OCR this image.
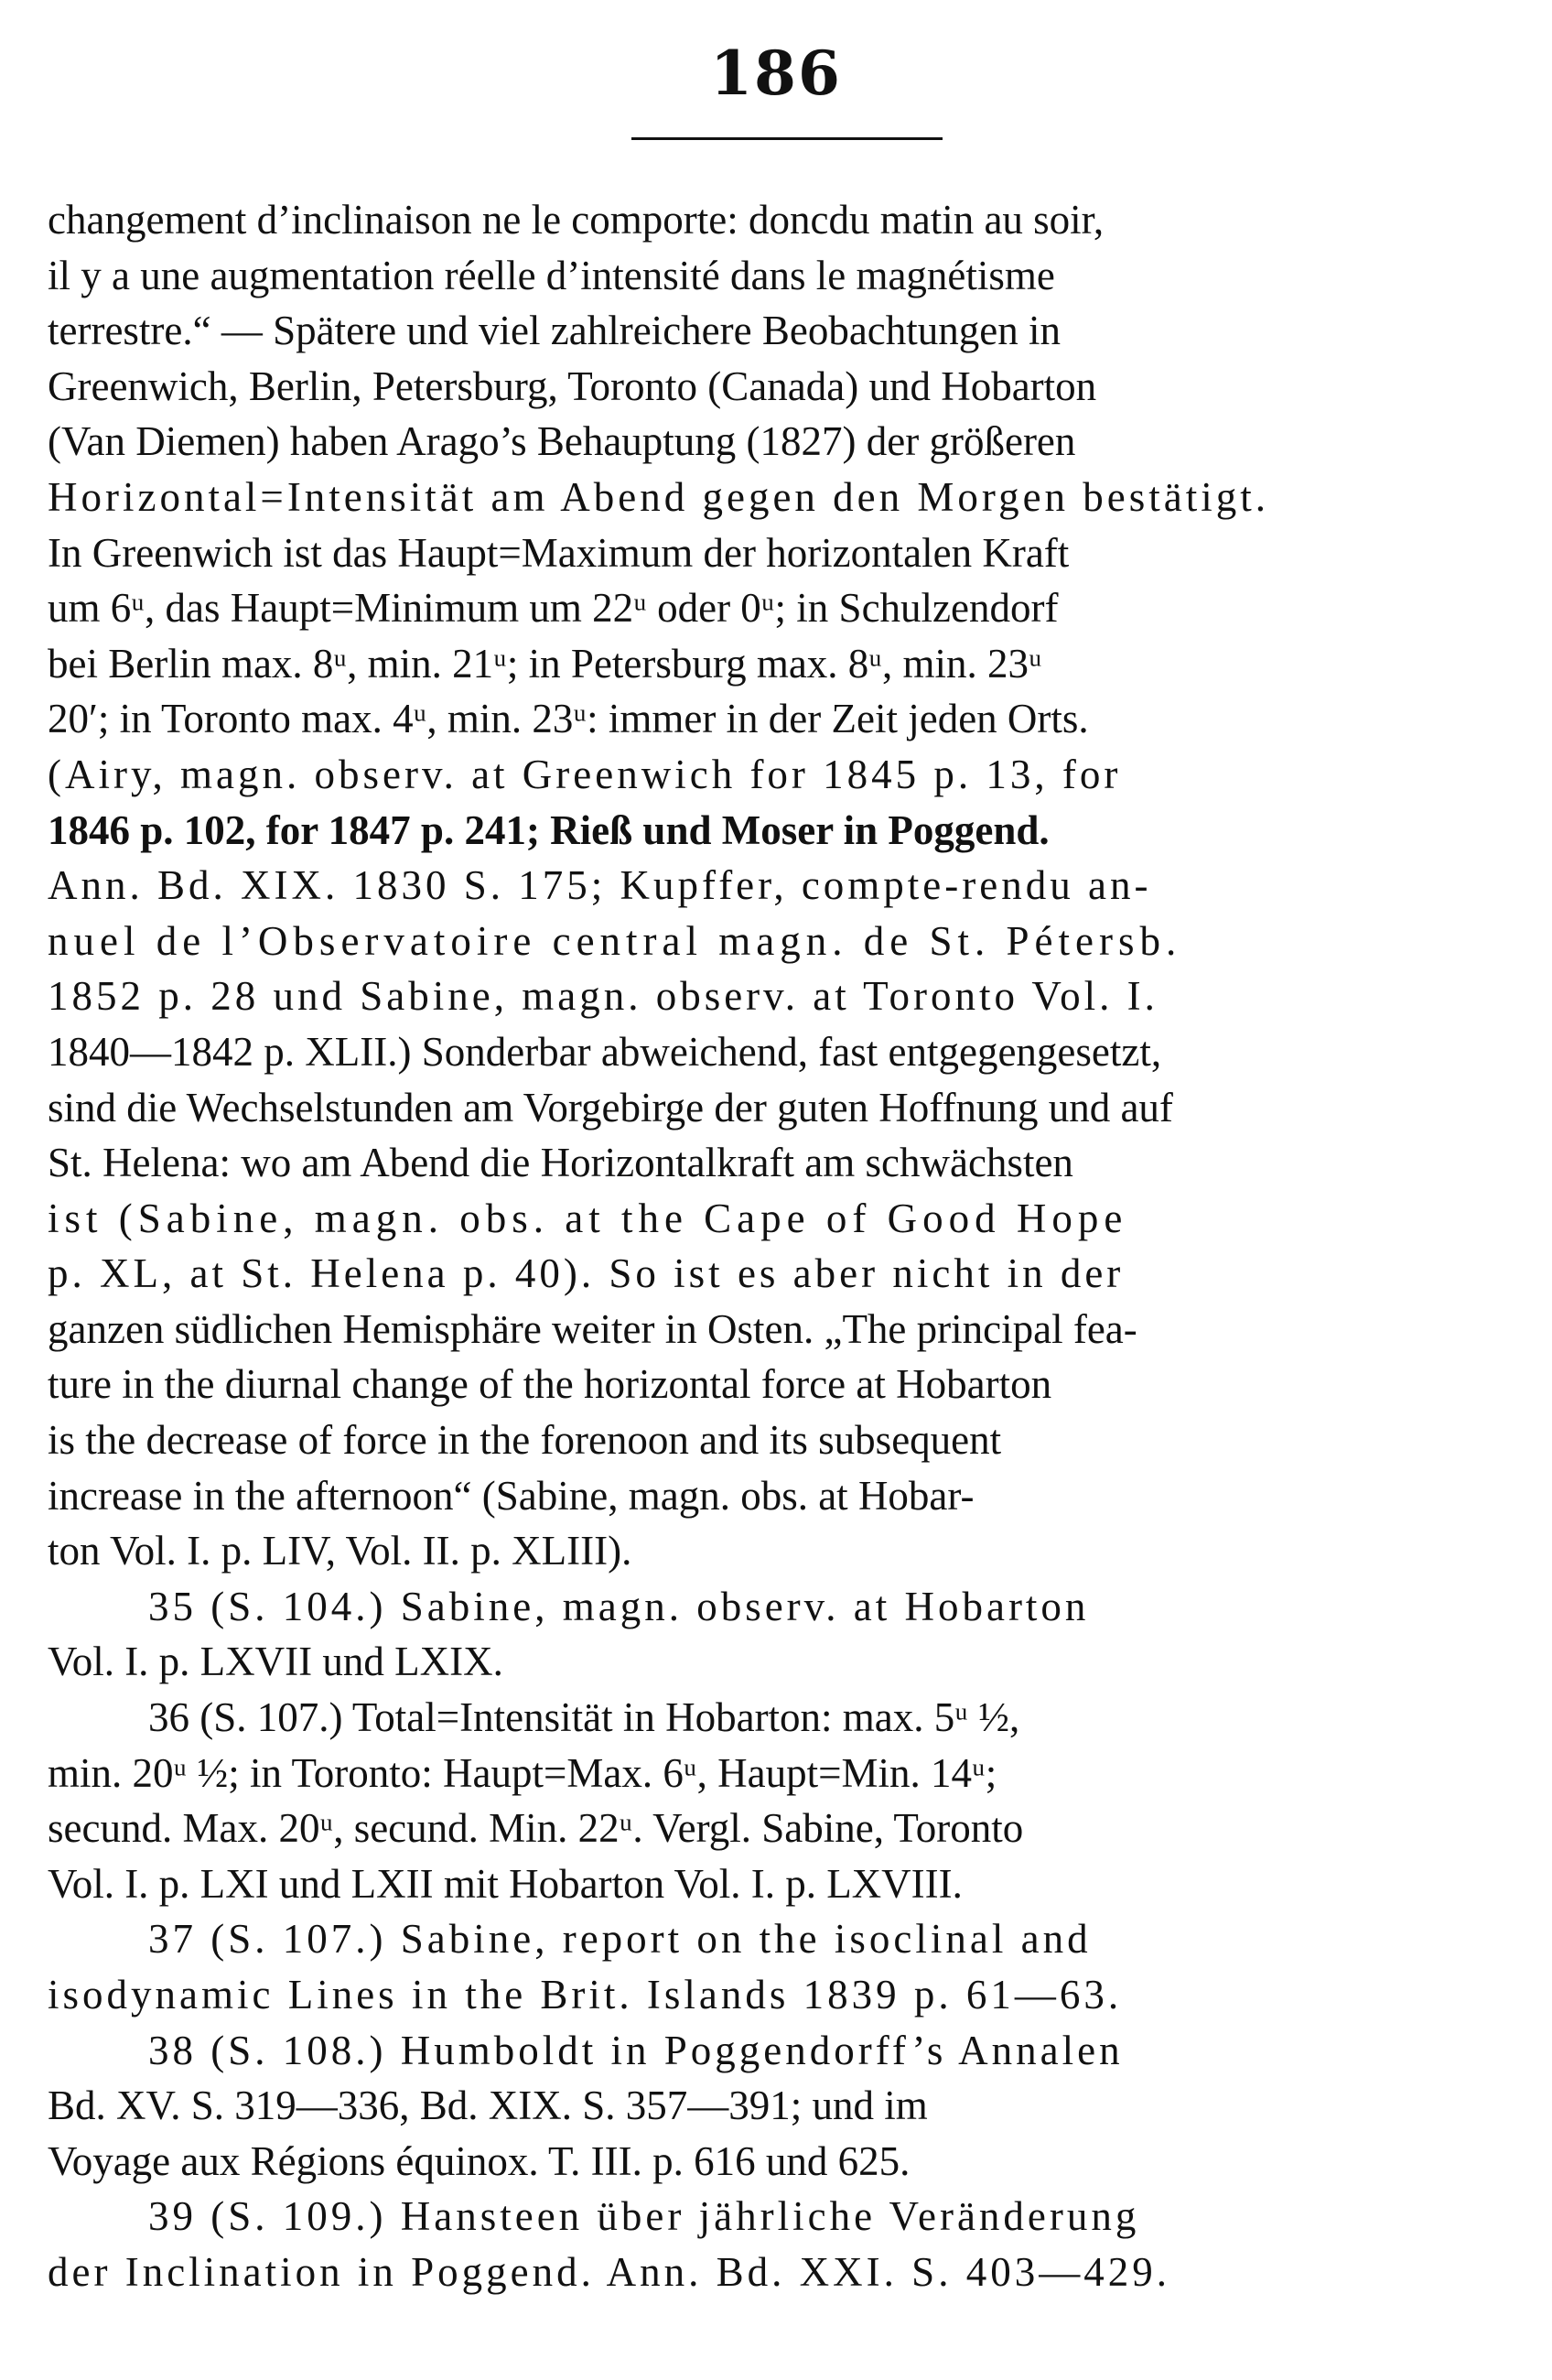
186
changement d’inclinaison ne le comporte: doncdu matin au soir,
il y a une augmentation réelle d’intensité dans le magnétisme
terrestre.“ — Spätere und viel zahlreichere Beobachtungen in
Greenwich, Berlin, Petersburg, Toronto (Canada) und Hobarton
(Van Diemen) haben Arago’s Behauptung (1827) der größeren
Horizontal=Intensität am Abend gegen den Morgen bestätigt.
In Greenwich ist das Haupt=Maximum der horizontalen Kraft
um 6ᵘ, das Haupt=Minimum um 22ᵘ oder 0ᵘ; in Schulzendorf
bei Berlin max. 8ᵘ, min. 21ᵘ; in Petersburg max. 8ᵘ, min. 23ᵘ
20′; in Toronto max. 4ᵘ, min. 23ᵘ: immer in der Zeit jeden Orts.
(Airy, magn. observ. at Greenwich for 1845 p. 13, for
1846 p. 102, for 1847 p. 241; Rieß und Moser in Poggend.
Ann. Bd. XIX. 1830 S. 175; Kupffer, compte-rendu an-
nuel de l’Observatoire central magn. de St. Pétersb.
1852 p. 28 und Sabine, magn. observ. at Toronto Vol. I.
1840—1842 p. XLII.) Sonderbar abweichend, fast entgegengesetzt,
sind die Wechselstunden am Vorgebirge der guten Hoffnung und auf
St. Helena: wo am Abend die Horizontalkraft am schwächsten
ist (Sabine, magn. obs. at the Cape of Good Hope
p. XL, at St. Helena p. 40). So ist es aber nicht in der
ganzen südlichen Hemisphäre weiter in Osten. „The principal fea-
ture in the diurnal change of the horizontal force at Hobarton
is the decrease of force in the forenoon and its subsequent
increase in the afternoon“ (Sabine, magn. obs. at Hobar-
ton Vol. I. p. LIV, Vol. II. p. XLIII).
35 (S. 104.) Sabine, magn. observ. at Hobarton
Vol. I. p. LXVII und LXIX.
36 (S. 107.) Total=Intensität in Hobarton: max. 5ᵘ ½,
min. 20ᵘ ½; in Toronto: Haupt=Max. 6ᵘ, Haupt=Min. 14ᵘ;
secund. Max. 20ᵘ, secund. Min. 22ᵘ. Vergl. Sabine, Toronto
Vol. I. p. LXI und LXII mit Hobarton Vol. I. p. LXVIII.
37 (S. 107.) Sabine, report on the isoclinal and
isodynamic Lines in the Brit. Islands 1839 p. 61—63.
38 (S. 108.) Humboldt in Poggendorff’s Annalen
Bd. XV. S. 319—336, Bd. XIX. S. 357—391; und im
Voyage aux Régions équinox. T. III. p. 616 und 625.
39 (S. 109.) Hansteen über jährliche Veränderung
der Inclination in Poggend. Ann. Bd. XXI. S. 403—429.
